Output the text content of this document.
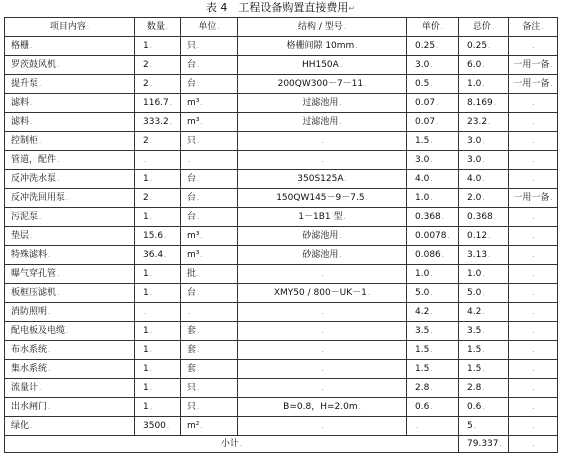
表 4　工程设备购置直接费用↵
项目内容.	数量.	单位.	结构 / 型号.	单价.	总价.	备注.
格栅.	1.	只.	格栅间隙 10mm.	0.25.	0.25.	.
罗茨鼓风机.	2.	台.	HH150A.	3.0.	6.0.	一用一备.
提升泵.	2.	台.	200QW300－7－11.	0.5.	1.0.	一用一备.
滤料.	116.7.	m³.	过滤池用.	0.07.	8.169.	.
滤料.	333.2.	m³.	过滤池用.	0.07.	23.2.	.
控制柜.	2.	只.	.	1.5.	3.0.	.
管道，配件.	.	.	.	3.0.	3.0.	.
反冲洗水泵.	1.	台.	350S125A.	4.0.	4.0.	.
反冲洗回用泵.	2.	台.	150QW145－9－7.5.	1.0.	2.0.	一用一备.
污泥泵.	1.	台.	1－1B1 型.	0.368.	0.368.	.
垫层.	15.6.	m³.	砂滤池用.	0.0078.	0.12.	.
特殊滤料.	36.4.	m³.	砂滤池用.	0.086.	3.13.	.
曝气穿孔管.	1.	批.	.	1.0.	1.0.	.
板框压滤机.	1.	台.	XMY50 / 800－UK－1.	5.0.	5.0.	.
消防照明.	.	.	.	4.2.	4.2.	.
配电板及电缆.	1.	套.	.	3.5.	3.5.	.
布水系统.	1.	套.	.	1.5.	1.5.	.
集水系统.	1.	套.	.	1.5.	1.5.	.
流量计.	1.	只.	.	2.8.	2.8.	.
出水闸门.	1.	只.	B=0.8，H=2.0m.	0.6.	0.6.	.
绿化.	3500.	m².	.	.	5.	.
小计.					79.337.	.
